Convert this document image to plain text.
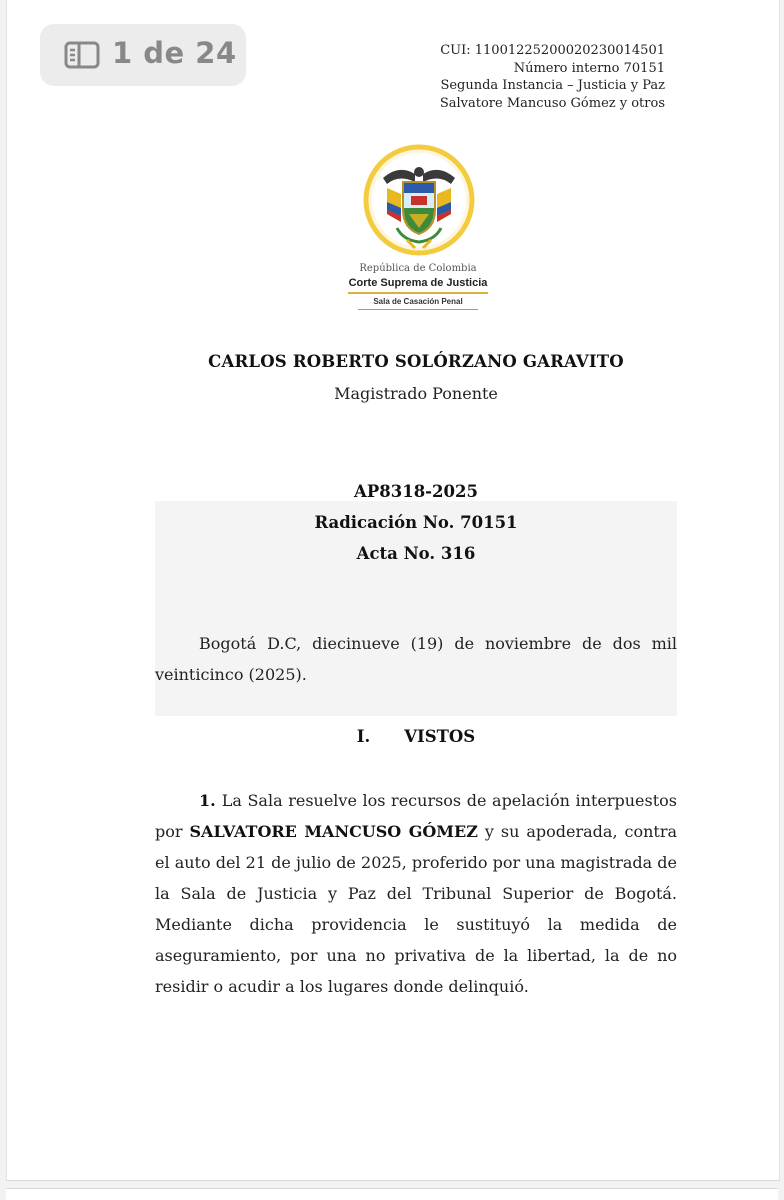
CUI: 11001225200020230014501
Número interno 70151
Segunda Instancia – Justicia y Paz
Salvatore Mancuso Gómez y otros
República de Colombia
Corte Suprema de Justicia
Sala de Casación Penal
CARLOS ROBERTO SOLÓRZANO GARAVITO
Magistrado Ponente
AP8318-2025
Radicación No. 70151
Acta No. 316
Bogotá D.C, diecinueve (19) de noviembre de dos mil veinticinco (2025).
I. VISTOS
1. La Sala resuelve los recursos de apelación interpuestos por SALVATORE MANCUSO GÓMEZ y su apoderada, contra el auto del 21 de julio de 2025, proferido por una magistrada de la Sala de Justicia y Paz del Tribunal Superior de Bogotá. Mediante dicha providencia le sustituyó la medida de aseguramiento, por una no privativa de la libertad, la de no residir o acudir a los lugares donde delinquió.
1 de 24
